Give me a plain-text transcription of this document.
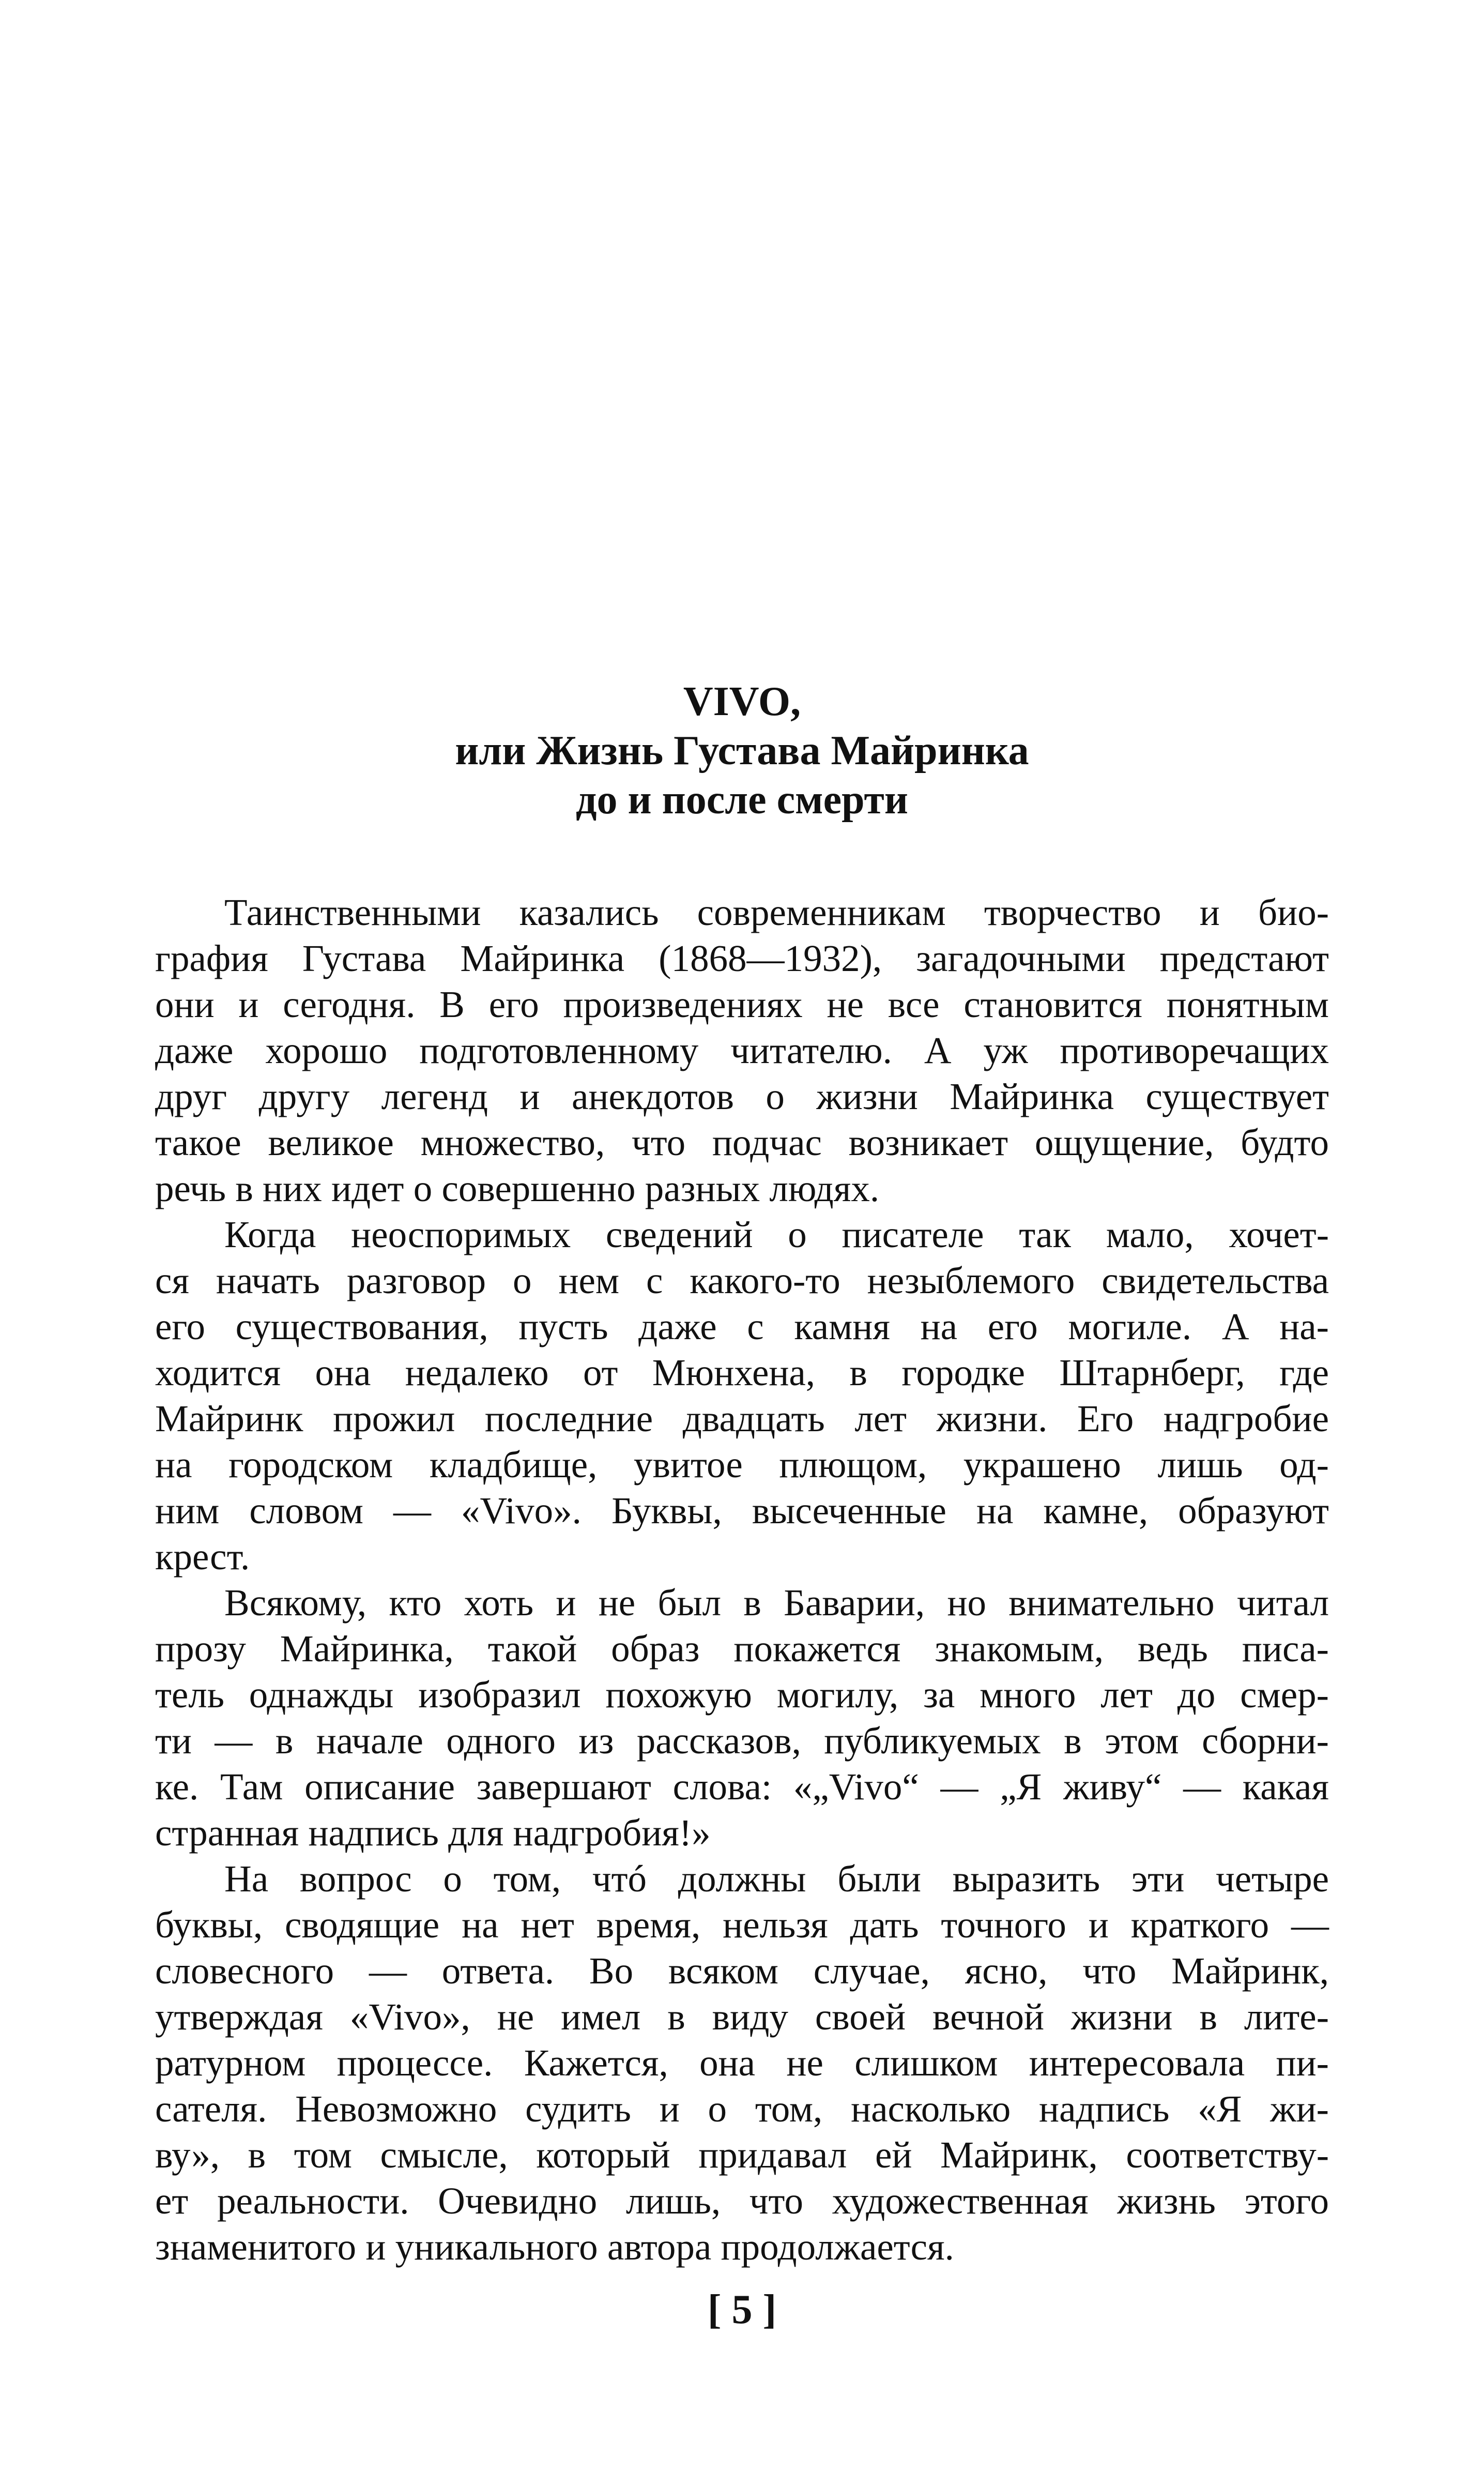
VIVO,
или Жизнь Густава Майринка
до и после смерти
Таинственными казались современникам творчество и био-
графия Густава Майринка (1868—1932), загадочными предстают
они и сегодня. В его произведениях не все становится понятным
даже хорошо подготовленному читателю. А уж противоречащих
друг другу легенд и анекдотов о жизни Майринка существует
такое великое множество, что подчас возникает ощущение, будто
речь в них идет о совершенно разных людях.
Когда неоспоримых сведений о писателе так мало, хочет-
ся начать разговор о нем с какого-то незыблемого свидетельства
его существования, пусть даже с камня на его могиле. А на-
ходится она недалеко от Мюнхена, в городке Штарнберг, где
Майринк прожил последние двадцать лет жизни. Его надгробие
на городском кладбище, увитое плющом, украшено лишь од-
ним словом — «Vivo». Буквы, высеченные на камне, образуют
крест.
Всякому, кто хоть и не был в Баварии, но внимательно читал
прозу Майринка, такой образ покажется знакомым, ведь писа-
тель однажды изобразил похожую могилу, за много лет до смер-
ти — в начале одного из рассказов, публикуемых в этом сборни-
ке. Там описание завершают слова: «„Vivo“ — „Я живу“ — какая
странная надпись для надгробия!»
На вопрос о том, чтó должны были выразить эти четыре
буквы, сводящие на нет время, нельзя дать точного и краткого —
словесного — ответа. Во всяком случае, ясно, что Майринк,
утверждая «Vivo», не имел в виду своей вечной жизни в лите-
ратурном процессе. Кажется, она не слишком интересовала пи-
сателя. Невозможно судить и о том, насколько надпись «Я жи-
ву», в том смысле, который придавал ей Майринк, соответству-
ет реальности. Очевидно лишь, что художественная жизнь этого
знаменитого и уникального автора продолжается.
[ 5 ]
